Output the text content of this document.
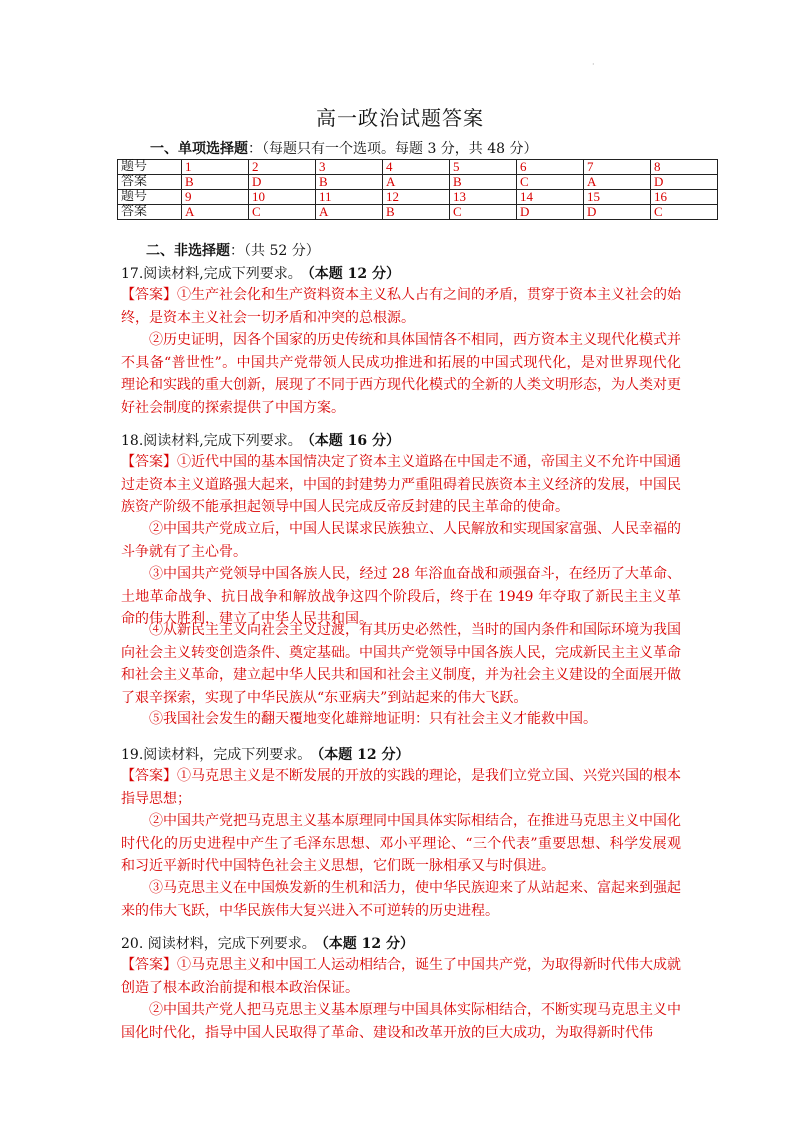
·
高一政治试题答案
一、单项选择题：（每题只有一个选项。每题 3 分，共 48 分）
题号	1	2	3	4	5	6	7	8
答案	B	D	B	A	B	C	A	D
题号	9	10	11	12	13	14	15	16
答案	A	C	A	B	C	D	D	C
二、非选择题：（共 52 分）
17.阅读材料,完成下列要求。 （本题 12 分）

【答案】①生产社会化和生产资料资本主义私人占有之间的矛盾，贯穿于资本主义社会的始终，是资本主义社会一切矛盾和冲突的总根源。

②历史证明，因各个国家的历史传统和具体国情各不相同，西方资本主义现代化模式并不具备“普世性”。中国共产党带领人民成功推进和拓展的中国式现代化，是对世界现代化理论和实践的重大创新，展现了不同于西方现代化模式的全新的人类文明形态，为人类对更好社会制度的探索提供了中国方案。

18.阅读材料,完成下列要求。 （本题 16 分）

【答案】①近代中国的基本国情决定了资本主义道路在中国走不通，帝国主义不允许中国通过走资本主义道路强大起来，中国的封建势力严重阻碍着民族资本主义经济的发展，中国民族资产阶级不能承担起领导中国人民完成反帝反封建的民主革命的使命。

②中国共产党成立后，中国人民谋求民族独立、人民解放和实现国家富强、人民幸福的斗争就有了主心骨。

③中国共产党领导中国各族人民，经过 28 年浴血奋战和顽强奋斗，在经历了大革命、土地革命战争、抗日战争和解放战争这四个阶段后，终于在 1949 年夺取了新民主主义革命的伟大胜利，建立了中华人民共和国。

④从新民主主义向社会主义过渡，有其历史必然性，当时的国内条件和国际环境为我国向社会主义转变创造条件、奠定基础。中国共产党领导中国各族人民，完成新民主主义革命和社会主义革命，建立起中华人民共和国和社会主义制度，并为社会主义建设的全面展开做了艰辛探索，实现了中华民族从“东亚病夫”到站起来的伟大飞跃。

⑤我国社会发生的翻天覆地变化雄辩地证明：只有社会主义才能救中国。

19.阅读材料，完成下列要求。 （本题 12 分）

【答案】①马克思主义是不断发展的开放的实践的理论，是我们立党立国、兴党兴国的根本指导思想；

②中国共产党把马克思主义基本原理同中国具体实际相结合，在推进马克思主义中国化时代化的历史进程中产生了毛泽东思想、邓小平理论、“三个代表”重要思想、科学发展观和习近平新时代中国特色社会主义思想，它们既一脉相承又与时俱进。

③马克思主义在中国焕发新的生机和活力，使中华民族迎来了从站起来、富起来到强起来的伟大飞跃，中华民族伟大复兴进入不可逆转的历史进程。

20. 阅读材料，完成下列要求。 （本题 12 分）

【答案】①马克思主义和中国工人运动相结合，诞生了中国共产党，为取得新时代伟大成就创造了根本政治前提和根本政治保证。

②中国共产党人把马克思主义基本原理与中国具体实际相结合，不断实现马克思主义中国化时代化，指导中国人民取得了革命、建设和改革开放的巨大成功，为取得新时代伟
